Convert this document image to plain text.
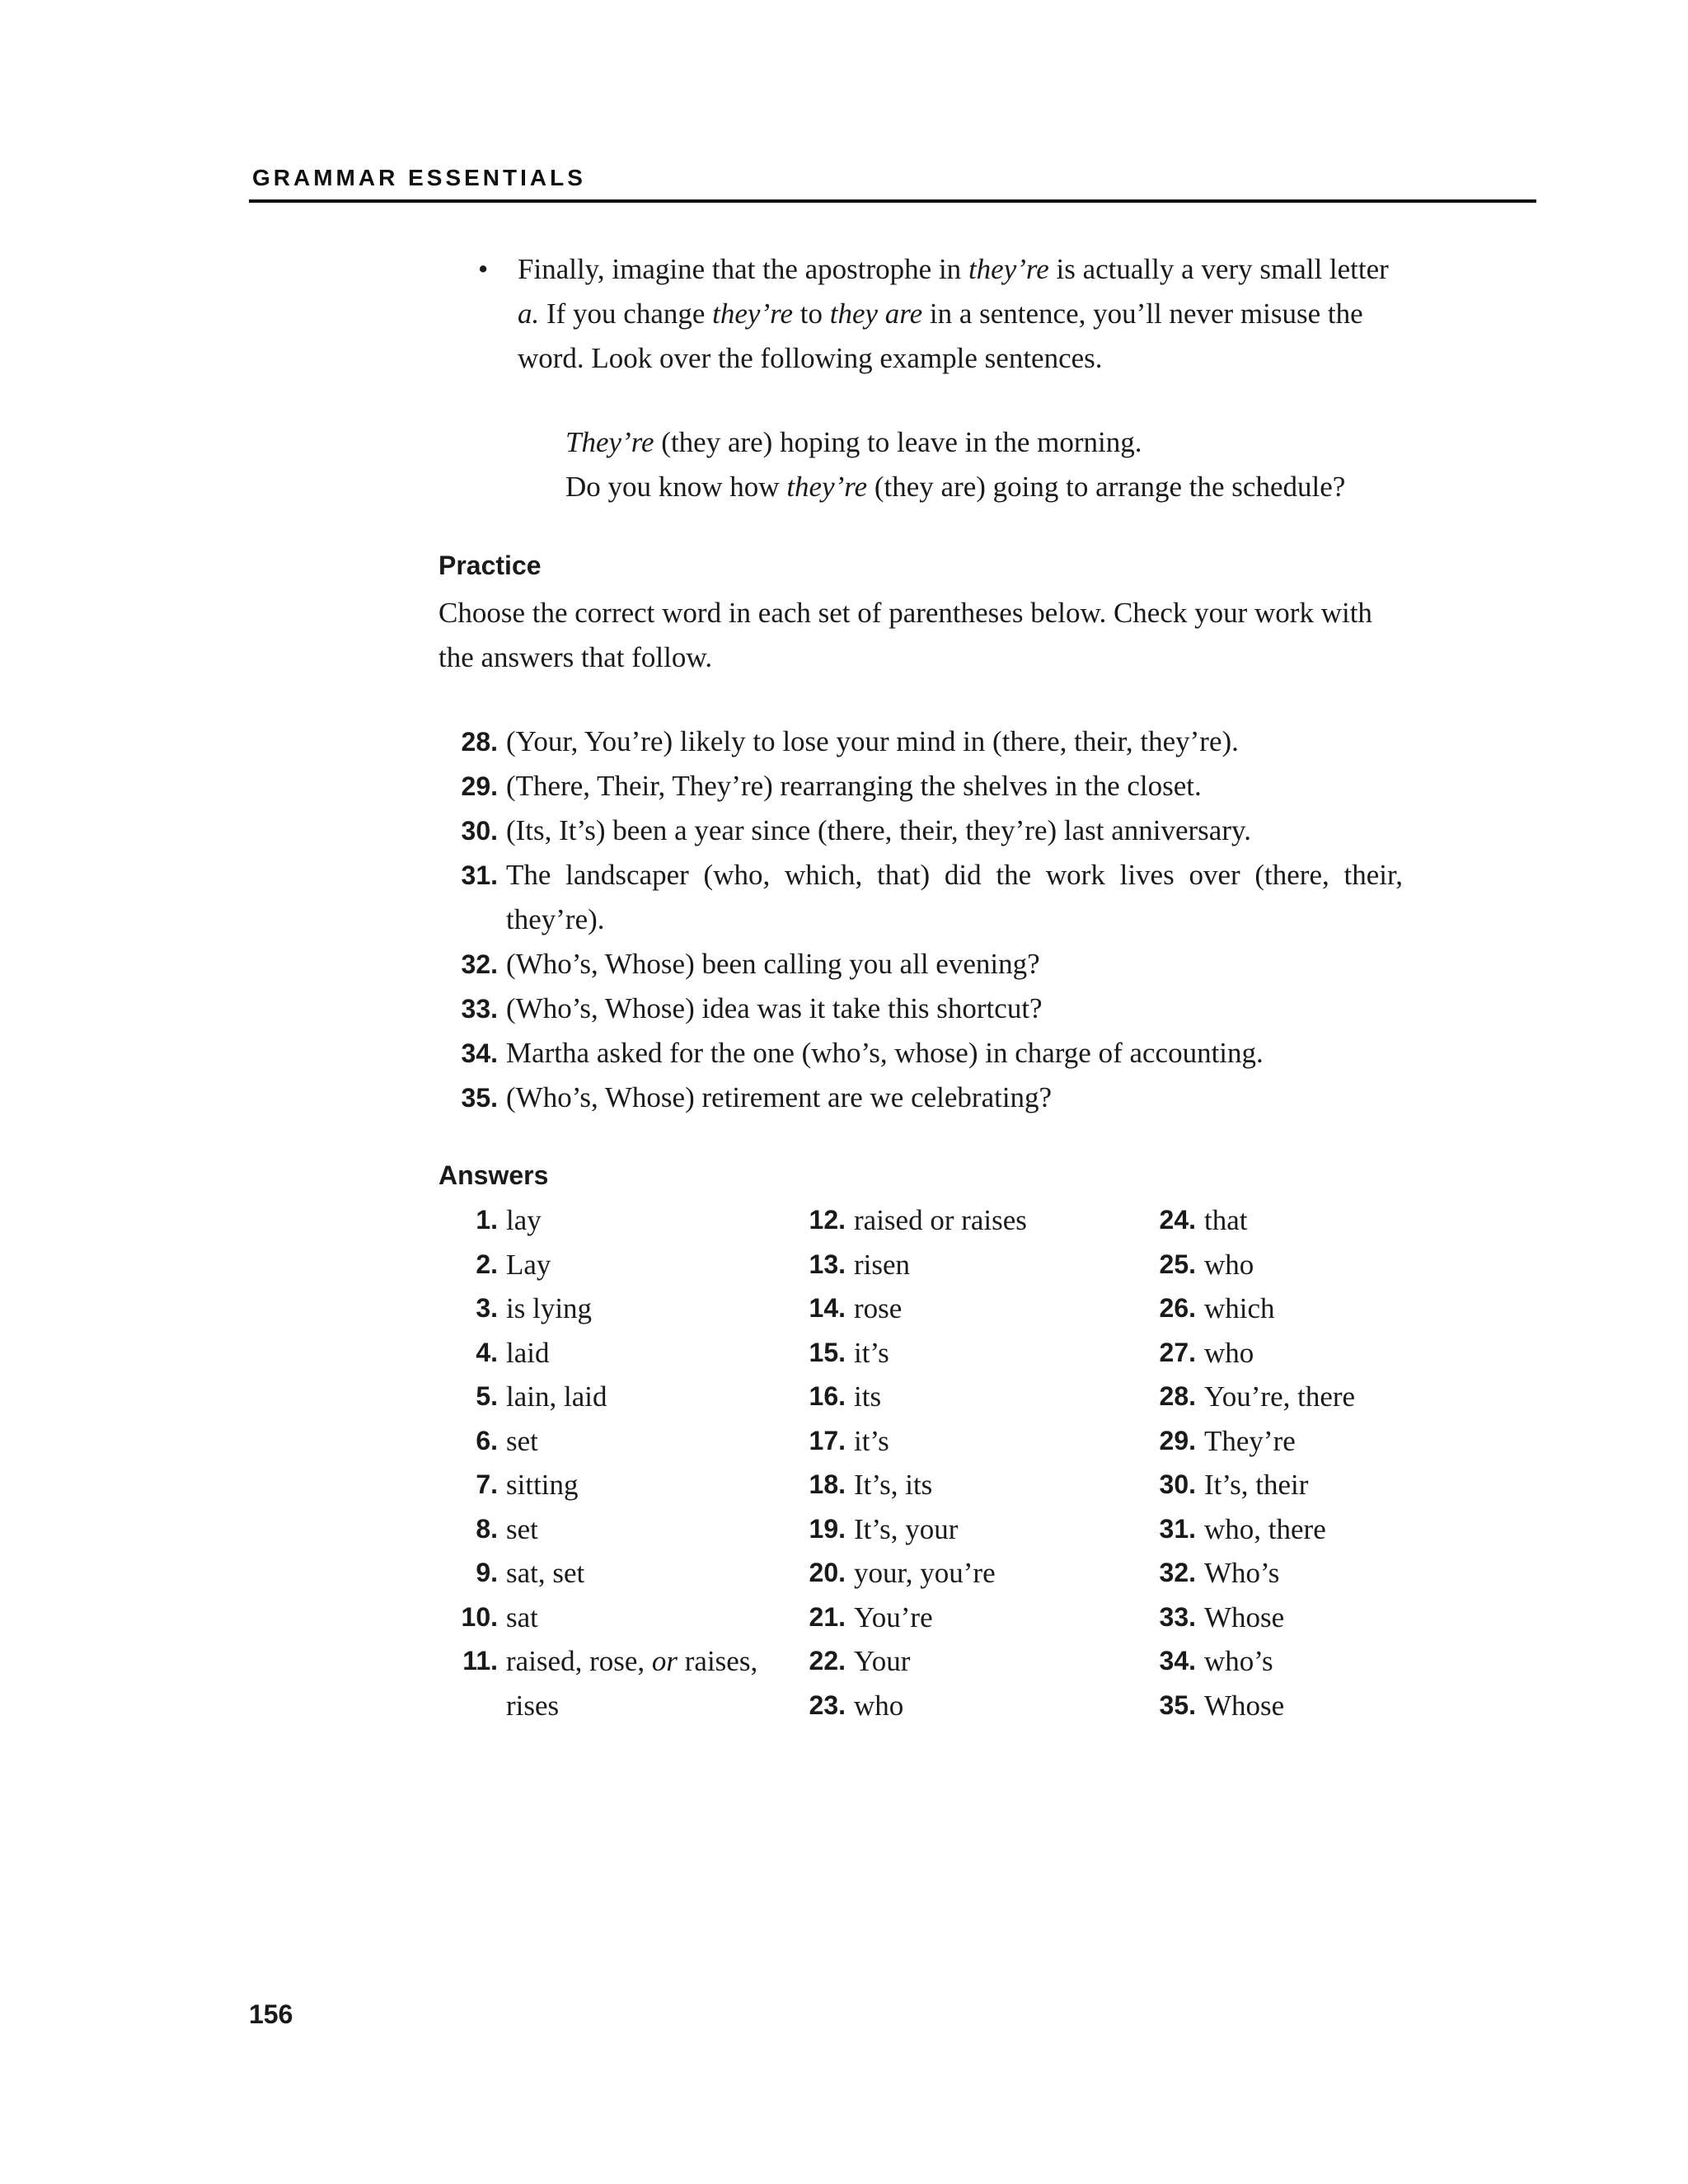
GRAMMAR ESSENTIALS
• Finally, imagine that the apostrophe in they’re is actually a very small letter a. If you change they’re to they are in a sentence, you’ll never misuse the word. Look over the following example sentences.
They’re (they are) hoping to leave in the morning.
Do you know how they’re (they are) going to arrange the schedule?
Practice
Choose the correct word in each set of parentheses below. Check your work with the answers that follow.
28. (Your, You’re) likely to lose your mind in (there, their, they’re).
29. (There, Their, They’re) rearranging the shelves in the closet.
30. (Its, It’s) been a year since (there, their, they’re) last anniversary.
31. The landscaper (who, which, that) did the work lives over (there, their, they’re).
32. (Who’s, Whose) been calling you all evening?
33. (Who’s, Whose) idea was it take this shortcut?
34. Martha asked for the one (who’s, whose) in charge of accounting.
35. (Who’s, Whose) retirement are we celebrating?
Answers
1. lay
2. Lay
3. is lying
4. laid
5. lain, laid
6. set
7. sitting
8. set
9. sat, set
10. sat
11. raised, rose, or raises, rises
12. raised or raises
13. risen
14. rose
15. it’s
16. its
17. it’s
18. It’s, its
19. It’s, your
20. your, you’re
21. You’re
22. Your
23. who
24. that
25. who
26. which
27. who
28. You’re, there
29. They’re
30. It’s, their
31. who, there
32. Who’s
33. Whose
34. who’s
35. Whose
156
